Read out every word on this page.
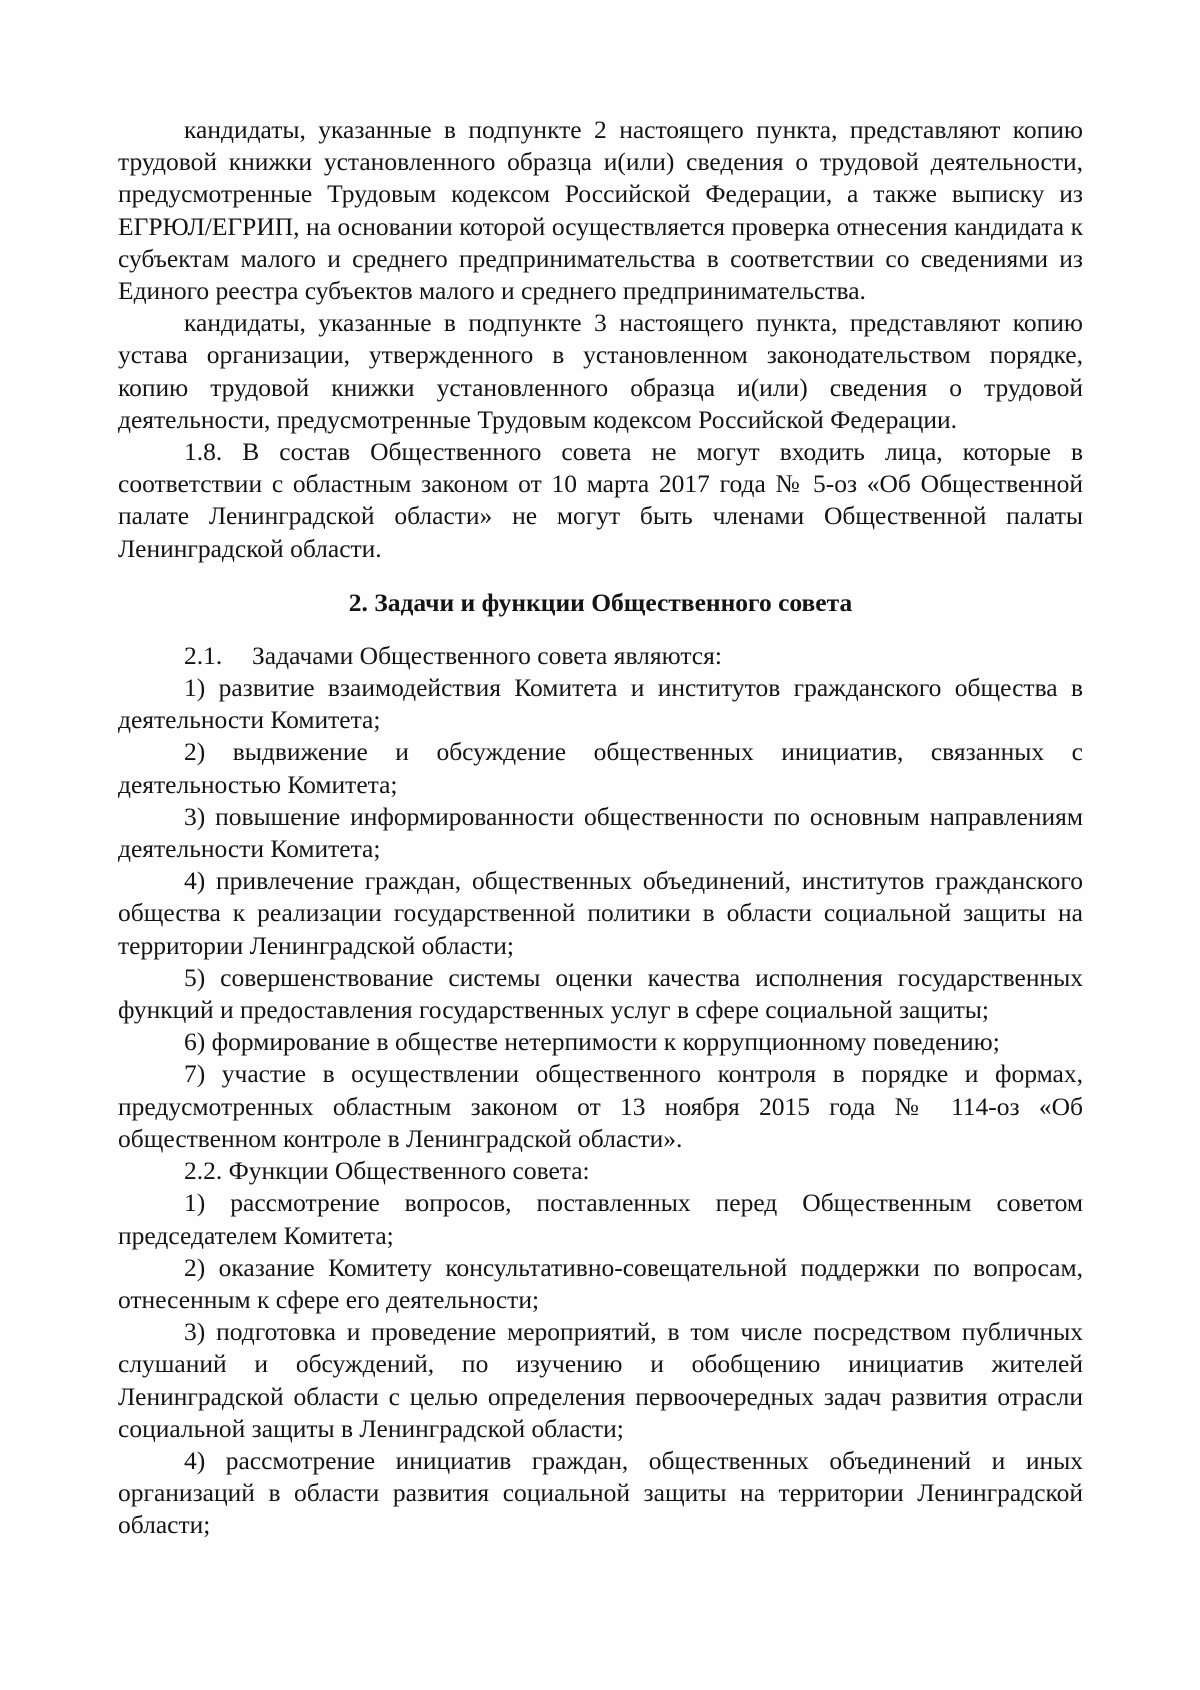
кандидаты, указанные в подпункте 2 настоящего пункта, представляют копию трудовой книжки установленного образца и(или) сведения о трудовой деятельности, предусмотренные Трудовым кодексом Российской Федерации, а также выписку из ЕГРЮЛ/ЕГРИП, на основании которой осуществляется проверка отнесения кандидата к субъектам малого и среднего предпринимательства в соответствии со сведениями из Единого реестра субъектов малого и среднего предпринимательства.

кандидаты, указанные в подпункте 3 настоящего пункта, представляют копию устава организации, утвержденного в установленном законодательством порядке, копию трудовой книжки установленного образца и(или) сведения о трудовой деятельности, предусмотренные Трудовым кодексом Российской Федерации.

1.8. В состав Общественного совета не могут входить лица, которые в соответствии с областным законом от 10 марта 2017 года № 5-оз «Об Общественной палате Ленинградской области» не могут быть членами Общественной палаты Ленинградской области.

2. Задачи и функции Общественного совета

2.1. Задачами Общественного совета являются:

1) развитие взаимодействия Комитета и институтов гражданского общества в деятельности Комитета;

2) выдвижение и обсуждение общественных инициатив, связанных с деятельностью Комитета;

3) повышение информированности общественности по основным направлениям деятельности Комитета;

4) привлечение граждан, общественных объединений, институтов гражданского общества к реализации государственной политики в области социальной защиты на территории Ленинградской области;

5) совершенствование системы оценки качества исполнения государственных функций и предоставления государственных услуг в сфере социальной защиты;

6) формирование в обществе нетерпимости к коррупционному поведению;

7) участие в осуществлении общественного контроля в порядке и формах, предусмотренных областным законом от 13 ноября 2015 года № 114-оз «Об общественном контроле в Ленинградской области».

2.2. Функции Общественного совета:

1) рассмотрение вопросов, поставленных перед Общественным советом председателем Комитета;

2) оказание Комитету консультативно-совещательной поддержки по вопросам, отнесенным к сфере его деятельности;

3) подготовка и проведение мероприятий, в том числе посредством публичных слушаний и обсуждений, по изучению и обобщению инициатив жителей Ленинградской области с целью определения первоочередных задач развития отрасли социальной защиты в Ленинградской области;

4) рассмотрение инициатив граждан, общественных объединений и иных организаций в области развития социальной защиты на территории Ленинградской области;
